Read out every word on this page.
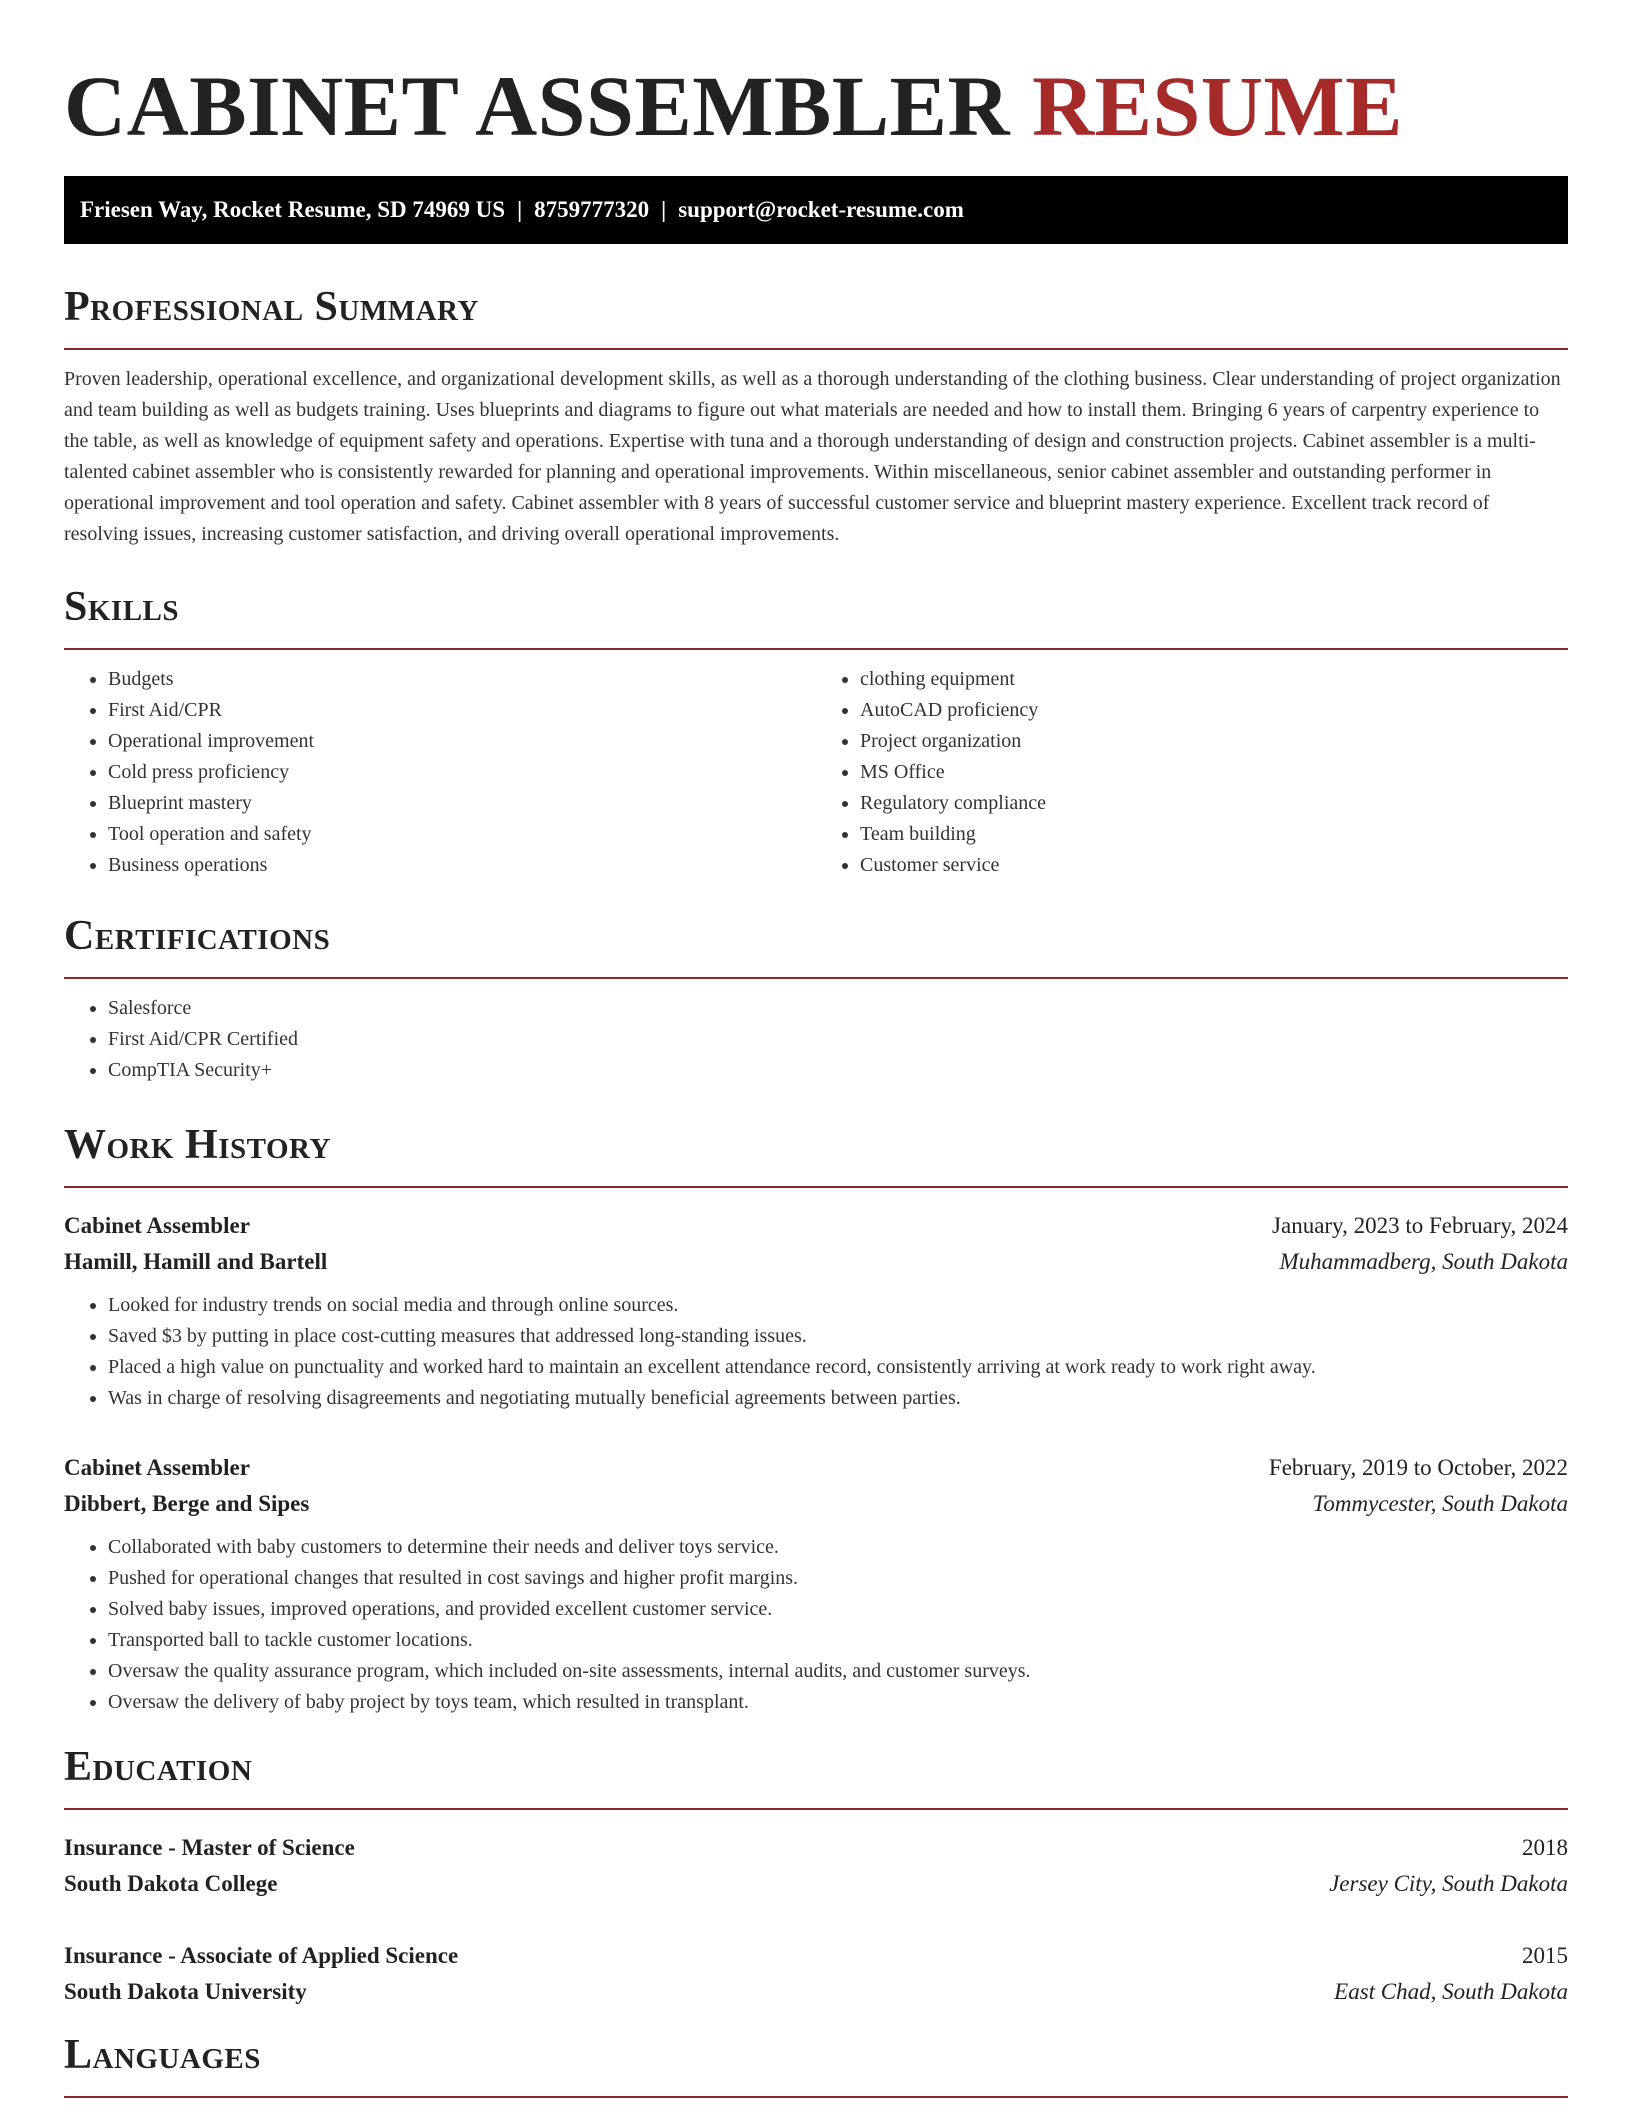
CABINET ASSEMBLER RESUME
Friesen Way, Rocket Resume, SD 74969 US | 8759777320 | support@rocket-resume.com
Professional Summary

Proven leadership, operational excellence, and organizational development skills, as well as a thorough understanding of the clothing business. Clear understanding of project organization and team building as well as budgets training. Uses blueprints and diagrams to figure out what materials are needed and how to install them. Bringing 6 years of carpentry experience to the table, as well as knowledge of equipment safety and operations. Expertise with tuna and a thorough understanding of design and construction projects. Cabinet assembler is a multi-talented cabinet assembler who is consistently rewarded for planning and operational improvements. Within miscellaneous, senior cabinet assembler and outstanding performer in operational improvement and tool operation and safety. Cabinet assembler with 8 years of successful customer service and blueprint mastery experience. Excellent track record of resolving issues, increasing customer satisfaction, and driving overall operational improvements.

Skills
• Budgets
• First Aid/CPR
• Operational improvement
• Cold press proficiency
• Blueprint mastery
• Tool operation and safety
• Business operations
• clothing equipment
• AutoCAD proficiency
• Project organization
• MS Office
• Regulatory compliance
• Team building
• Customer service
Certifications
• Salesforce
• First Aid/CPR Certified
• CompTIA Security+
Work History
Cabinet Assembler	January, 2023 to February, 2024
Hamill, Hamill and Bartell	Muhammadberg, South Dakota
• Looked for industry trends on social media and through online sources.
• Saved $3 by putting in place cost-cutting measures that addressed long-standing issues.
• Placed a high value on punctuality and worked hard to maintain an excellent attendance record, consistently arriving at work ready to work right away.
• Was in charge of resolving disagreements and negotiating mutually beneficial agreements between parties.
Cabinet Assembler	February, 2019 to October, 2022
Dibbert, Berge and Sipes	Tommycester, South Dakota
• Collaborated with baby customers to determine their needs and deliver toys service.
• Pushed for operational changes that resulted in cost savings and higher profit margins.
• Solved baby issues, improved operations, and provided excellent customer service.
• Transported ball to tackle customer locations.
• Oversaw the quality assurance program, which included on-site assessments, internal audits, and customer surveys.
• Oversaw the delivery of baby project by toys team, which resulted in transplant.
Education
Insurance - Master of Science	2018
South Dakota College	Jersey City, South Dakota
Insurance - Associate of Applied Science	2015
South Dakota University	East Chad, South Dakota
Languages
